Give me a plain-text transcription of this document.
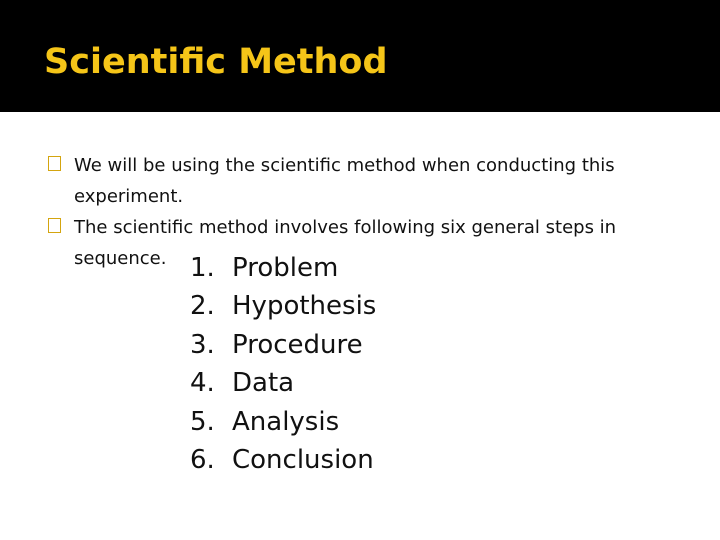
Scientific Method
We will be using the scientific method when conducting this experiment.
The scientific method involves following six general steps in sequence. 1. Problem
2. Hypothesis
3. Procedure
4. Data
5. Analysis
6. Conclusion
